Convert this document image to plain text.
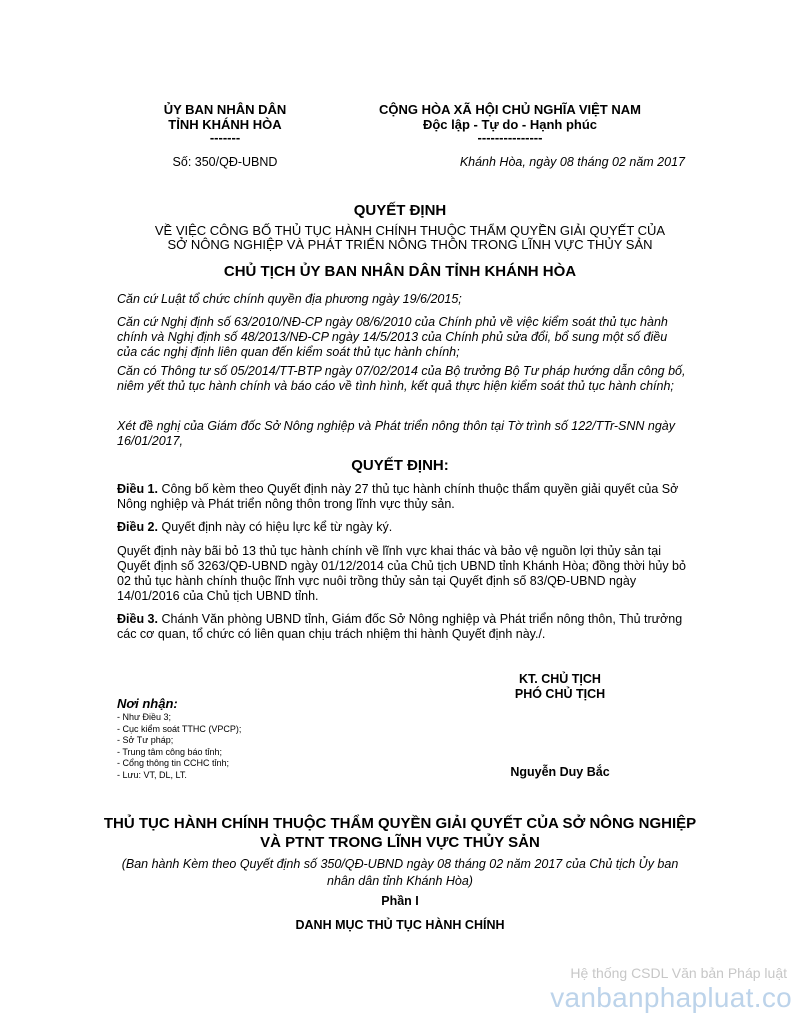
ỦY BAN NHÂN DÂN
TỈNH KHÁNH HÒA
-------
CỘNG HÒA XÃ HỘI CHỦ NGHĨA VIỆT NAM
Độc lập - Tự do - Hạnh phúc
---------------
Số: 350/QĐ-UBND	Khánh Hòa, ngày 08 tháng 02 năm 2017
QUYẾT ĐỊNH
VỀ VIỆC CÔNG BỐ THỦ TỤC HÀNH CHÍNH THUỘC THẨM QUYỀN GIẢI QUYẾT CỦA SỞ NÔNG NGHIỆP VÀ PHÁT TRIỂN NÔNG THÔN TRONG LĨNH VỰC THỦY SẢN
CHỦ TỊCH ỦY BAN NHÂN DÂN TỈNH KHÁNH HÒA
Căn cứ Luật tổ chức chính quyền địa phương ngày 19/6/2015;
Căn cứ Nghị định số 63/2010/NĐ-CP ngày 08/6/2010 của Chính phủ về việc kiểm soát thủ tục hành chính và Nghị định số 48/2013/NĐ-CP ngày 14/5/2013 của Chính phủ sửa đổi, bổ sung một số điều của các nghị định liên quan đến kiểm soát thủ tục hành chính;
Căn có Thông tư số 05/2014/TT-BTP ngày 07/02/2014 của Bộ trưởng Bộ Tư pháp hướng dẫn công bố, niêm yết thủ tục hành chính và báo cáo về tình hình, kết quả thực hiện kiểm soát thủ tục hành chính;
Xét đề nghị của Giám đốc Sở Nông nghiệp và Phát triển nông thôn tại Tờ trình số 122/TTr-SNN ngày 16/01/2017,
QUYẾT ĐỊNH:
Điều 1. Công bố kèm theo Quyết định này 27 thủ tục hành chính thuộc thẩm quyền giải quyết của Sở Nông nghiệp và Phát triển nông thôn trong lĩnh vực thủy sản.
Điều 2. Quyết định này có hiệu lực kể từ ngày ký.
Quyết định này bãi bỏ 13 thủ tục hành chính về lĩnh vực khai thác và bảo vệ nguồn lợi thủy sản tại Quyết định số 3263/QĐ-UBND ngày 01/12/2014 của Chủ tịch UBND tỉnh Khánh Hòa; đồng thời hủy bỏ 02 thủ tục hành chính thuộc lĩnh vực nuôi trồng thủy sản tại Quyết định số 83/QĐ-UBND ngày 14/01/2016 của Chủ tịch UBND tỉnh.
Điều 3. Chánh Văn phòng UBND tỉnh, Giám đốc Sở Nông nghiệp và Phát triển nông thôn, Thủ trưởng các cơ quan, tổ chức có liên quan chịu trách nhiệm thi hành Quyết định này./.
KT. CHỦ TỊCH
PHÓ CHỦ TỊCH
Nguyễn Duy Bắc
Nơi nhận:
- Như Điều 3;
- Cục kiểm soát TTHC (VPCP);
- Sở Tư pháp;
- Trung tâm công báo tỉnh;
- Cổng thông tin CCHC tỉnh;
- Lưu: VT, DL, LT.
THỦ TỤC HÀNH CHÍNH THUỘC THẨM QUYỀN GIẢI QUYẾT CỦA SỞ NÔNG NGHIỆP VÀ PTNT TRONG LĨNH VỰC THỦY SẢN
(Ban hành Kèm theo Quyết định số 350/QĐ-UBND ngày 08 tháng 02 năm 2017 của Chủ tịch Ủy ban nhân dân tỉnh Khánh Hòa)
Phần I
DANH MỤC THỦ TỤC HÀNH CHÍNH
Hệ thống CSDL Văn bản Pháp luật
vanbanphapluat.co
